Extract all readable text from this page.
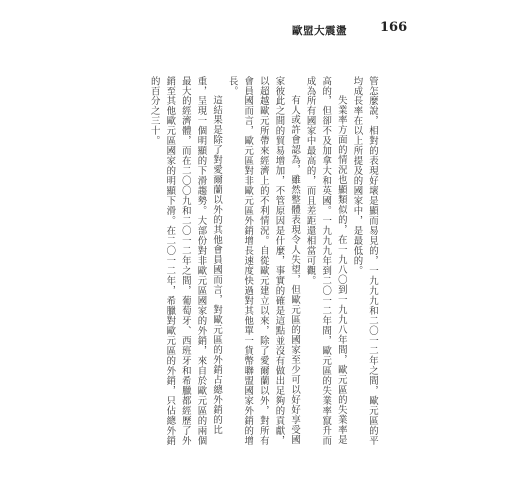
歐盟大震盪	166

管怎麼說，相對的表現好壞是顯而易見的，一九九九和二〇一二年之間，歐元區的平均成長率在以上所提及的國家中，是最低的。

失業率方面的情況也顯類似的，在一九八〇到一九九八年間，歐元區的失業率是高的，但卻不及加拿大和英國。一九九九年到二〇一二年間，歐元區的失業率竄升而成為所有國家中最高的，而且差距還相當可觀。

有人或許會認為，雖然整體表現令人失望，但歐元區的國家至少可以好好享受國家彼此之間的貿易增加，不管原因是什麼，事實的確是這點並沒有做出足夠的貢獻，以超越歐元所帶來經濟上的不利情況。自從歐元建立以來，除了愛爾蘭以外，對所有會員國而言，歐元區對非歐元區外銷增長速度快過對其他單一貨幣聯盟國家外銷的增長。

這結果是除了對愛爾蘭以外的其他會員國而言，對歐元區的外銷占總外銷的比重，呈現一個明顯的下滑趨勢。大部份對非歐元區國家的外銷，來自於歐元區的兩個最大的經濟體，而在二〇〇九和二〇一二年之間，葡萄牙、西班牙和希臘都經歷了外銷至其他歐元區國家的明顯下滑。在二〇一二年，希臘對歐元區的外銷，只佔總外銷的百分之三十。
